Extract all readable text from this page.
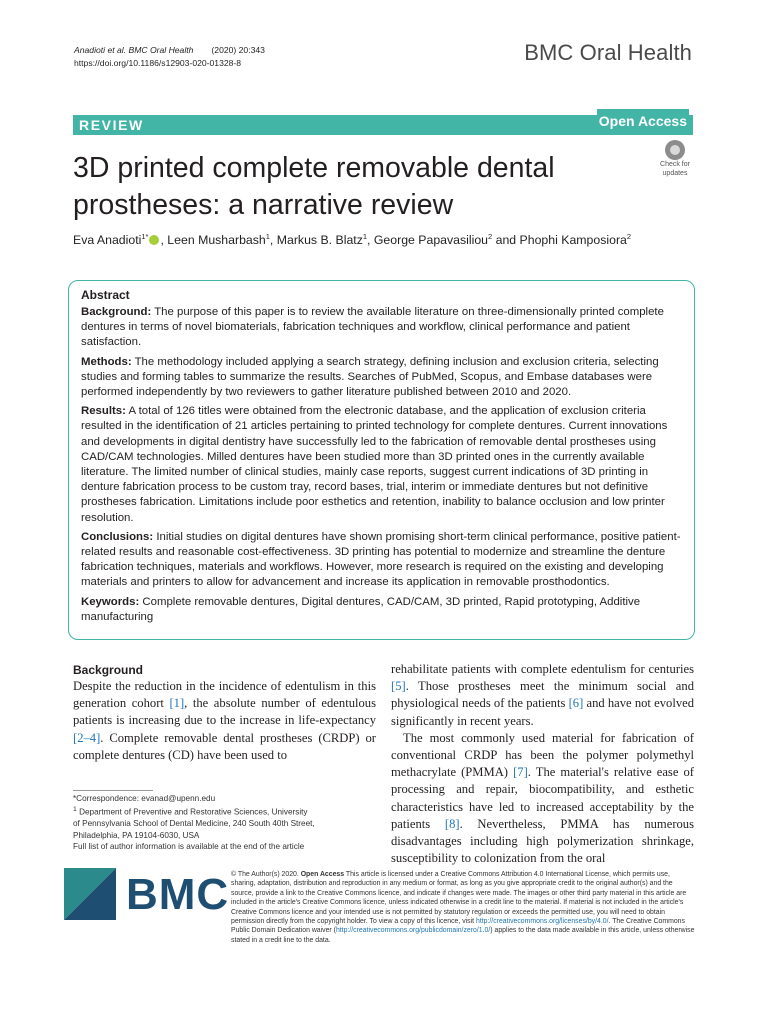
Anadioti et al. BMC Oral Health (2020) 20:343
https://doi.org/10.1186/s12903-020-01328-8	BMC Oral Health
REVIEW	Open Access
3D printed complete removable dental prostheses: a narrative review
Check for
updates
Eva Anadioti$^{1*}$ , Leen Musharbash$^1$, Markus B. Blatz$^1$, George Papavasiliou$^2$ and Phophi Kamposiora$^2$
Abstract

Background: The purpose of this paper is to review the available literature on three-dimensionally printed complete dentures in terms of novel biomaterials, fabrication techniques and workflow, clinical performance and patient satisfaction.

Methods: The methodology included applying a search strategy, defining inclusion and exclusion criteria, selecting studies and forming tables to summarize the results. Searches of PubMed, Scopus, and Embase databases were performed independently by two reviewers to gather literature published between 2010 and 2020.

Results: A total of 126 titles were obtained from the electronic database, and the application of exclusion criteria resulted in the identification of 21 articles pertaining to printed technology for complete dentures. Current innovations and developments in digital dentistry have successfully led to the fabrication of removable dental prostheses using CAD/CAM technologies. Milled dentures have been studied more than 3D printed ones in the currently available literature. The limited number of clinical studies, mainly case reports, suggest current indications of 3D printing in denture fabrication process to be custom tray, record bases, trial, interim or immediate dentures but not definitive prostheses fabrication. Limitations include poor esthetics and retention, inability to balance occlusion and low printer resolution.

Conclusions: Initial studies on digital dentures have shown promising short-term clinical performance, positive patient-related results and reasonable cost-effectiveness. 3D printing has potential to modernize and streamline the denture fabrication techniques, materials and workflows. However, more research is required on the existing and developing materials and printers to allow for advancement and increase its application in removable prosthodontics.

Keywords: Complete removable dentures, Digital dentures, CAD/CAM, 3D printed, Rapid prototyping, Additive manufacturing

Background

Despite the reduction in the incidence of edentulism in this generation cohort [1], the absolute number of edentulous patients is increasing due to the increase in life-expectancy [2–4]. Complete removable dental prostheses (CRDP) or complete dentures (CD) have been used to

rehabilitate patients with complete edentulism for centuries [5]. Those prostheses meet the minimum social and physiological needs of the patients [6] and have not evolved significantly in recent years.

The most commonly used material for fabrication of conventional CRDP has been the polymer polymethyl methacrylate (PMMA) [7]. The material's relative ease of processing and repair, biocompatibility, and esthetic characteristics have led to increased acceptability by the patients [8]. Nevertheless, PMMA has numerous disadvantages including high polymerization shrinkage, susceptibility to colonization from the oral

*Correspondence: evanad@upenn.edu
$^1$ Department of Preventive and Restorative Sciences, University
of Pennsylvania School of Dental Medicine, 240 South 40th Street,
Philadelphia, PA 19104-6030, USA
Full list of author information is available at the end of the article
BMC © The Author(s) 2020. Open Access This article is licensed under a Creative Commons Attribution 4.0 International License, which permits use, sharing, adaptation, distribution and reproduction in any medium or format, as long as you give appropriate credit to the original author(s) and the source, provide a link to the Creative Commons licence, and indicate if changes were made. The images or other third party material in this article are included in the article's Creative Commons licence, unless indicated otherwise in a credit line to the material. If material is not included in the article's Creative Commons licence and your intended use is not permitted by statutory regulation or exceeds the permitted use, you will need to obtain permission directly from the copyright holder. To view a copy of this licence, visit http://creativecommons.org/licenses/by/4.0/. The Creative Commons Public Domain Dedication waiver (http://creativecommons.org/publicdomain/zero/1.0/) applies to the data made available in this article, unless otherwise stated in a credit line to the data.
